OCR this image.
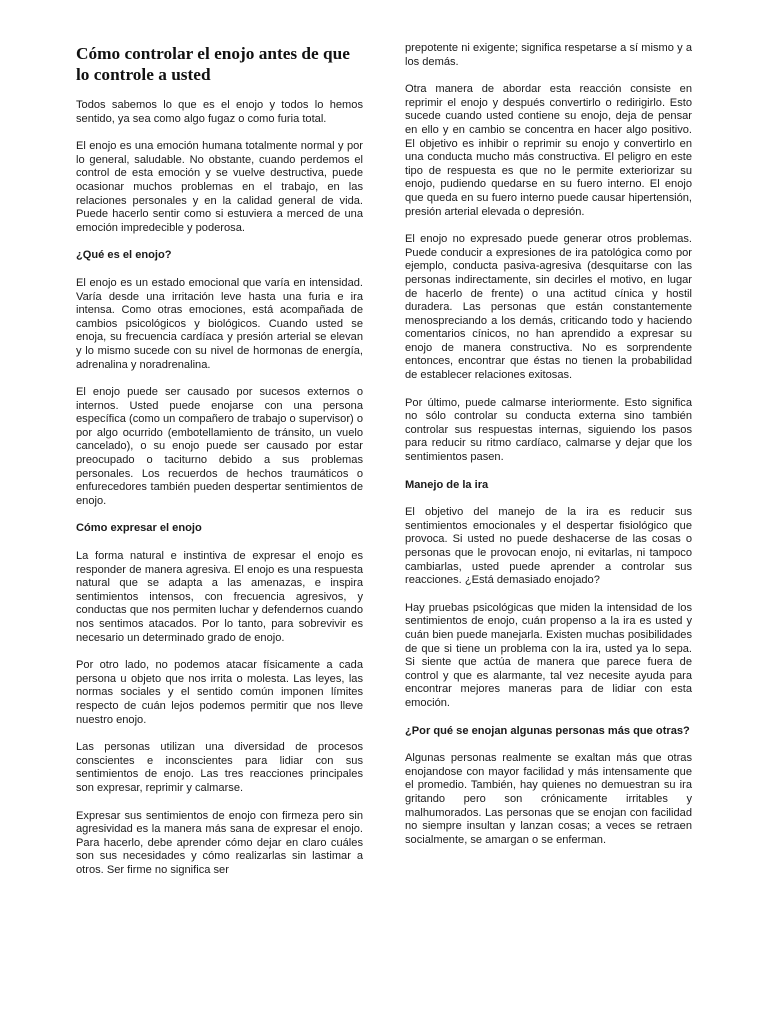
Cómo controlar el enojo antes de que lo controle a usted

Todos sabemos lo que es el enojo y todos lo hemos sentido, ya sea como algo fugaz o como furia total.

El enojo es una emoción humana totalmente normal y por lo general, saludable. No obstante, cuando perdemos el control de esta emoción y se vuelve destructiva, puede ocasionar muchos problemas en el trabajo, en las relaciones personales y en la calidad general de vida. Puede hacerlo sentir como si estuviera a merced de una emoción impredecible y poderosa.

¿Qué es el enojo?

El enojo es un estado emocional que varía en intensidad. Varía desde una irritación leve hasta una furia e ira intensa. Como otras emociones, está acompañada de cambios psicológicos y biológicos. Cuando usted se enoja, su frecuencia cardíaca y presión arterial se elevan y lo mismo sucede con su nivel de hormonas de energía, adrenalina y noradrenalina.

El enojo puede ser causado por sucesos externos o internos. Usted puede enojarse con una persona específica (como un compañero de trabajo o supervisor) o por algo ocurrido (embotellamiento de tránsito, un vuelo cancelado), o su enojo puede ser causado por estar preocupado o taciturno debido a sus problemas personales. Los recuerdos de hechos traumáticos o enfurecedores también pueden despertar sentimientos de enojo.

Cómo expresar el enojo

La forma natural e instintiva de expresar el enojo es responder de manera agresiva. El enojo es una respuesta natural que se adapta a las amenazas, e inspira sentimientos intensos, con frecuencia agresivos, y conductas que nos permiten luchar y defendernos cuando nos sentimos atacados. Por lo tanto, para sobrevivir es necesario un determinado grado de enojo.

Por otro lado, no podemos atacar físicamente a cada persona u objeto que nos irrita o molesta. Las leyes, las normas sociales y el sentido común imponen límites respecto de cuán lejos podemos permitir que nos lleve nuestro enojo.

Las personas utilizan una diversidad de procesos conscientes e inconscientes para lidiar con sus sentimientos de enojo. Las tres reacciones principales son expresar, reprimir y calmarse.

Expresar sus sentimientos de enojo con firmeza pero sin agresividad es la manera más sana de expresar el enojo. Para hacerlo, debe aprender cómo dejar en claro cuáles son sus necesidades y cómo realizarlas sin lastimar a otros. Ser firme no significa ser

prepotente ni exigente; significa respetarse a sí mismo y a los demás.

Otra manera de abordar esta reacción consiste en reprimir el enojo y después convertirlo o redirigirlo. Esto sucede cuando usted contiene su enojo, deja de pensar en ello y en cambio se concentra en hacer algo positivo. El objetivo es inhibir o reprimir su enojo y convertirlo en una conducta mucho más constructiva. El peligro en este tipo de respuesta es que no le permite exteriorizar su enojo, pudiendo quedarse en su fuero interno. El enojo que queda en su fuero interno puede causar hipertensión, presión arterial elevada o depresión.

El enojo no expresado puede generar otros problemas. Puede conducir a expresiones de ira patológica como por ejemplo, conducta pasiva-agresiva (desquitarse con las personas indirectamente, sin decirles el motivo, en lugar de hacerlo de frente) o una actitud cínica y hostil duradera. Las personas que están constantemente menospreciando a los demás, criticando todo y haciendo comentarios cínicos, no han aprendido a expresar su enojo de manera constructiva. No es sorprendente entonces, encontrar que éstas no tienen la probabilidad de establecer relaciones exitosas.

Por último, puede calmarse interiormente. Esto significa no sólo controlar su conducta externa sino también controlar sus respuestas internas, siguiendo los pasos para reducir su ritmo cardíaco, calmarse y dejar que los sentimientos pasen.

Manejo de la ira

El objetivo del manejo de la ira es reducir sus sentimientos emocionales y el despertar fisiológico que provoca. Si usted no puede deshacerse de las cosas o personas que le provocan enojo, ni evitarlas, ni tampoco cambiarlas, usted puede aprender a controlar sus reacciones. ¿Está demasiado enojado?

Hay pruebas psicológicas que miden la intensidad de los sentimientos de enojo, cuán propenso a la ira es usted y cuán bien puede manejarla. Existen muchas posibilidades de que si tiene un problema con la ira, usted ya lo sepa. Si siente que actúa de manera que parece fuera de control y que es alarmante, tal vez necesite ayuda para encontrar mejores maneras para de lidiar con esta emoción.

¿Por qué se enojan algunas personas más que otras?

Algunas personas realmente se exaltan más que otras enojandose con mayor facilidad y más intensamente que el promedio. También, hay quienes no demuestran su ira gritando pero son crónicamente irritables y malhumorados. Las personas que se enojan con facilidad no siempre insultan y lanzan cosas; a veces se retraen socialmente, se amargan o se enferman.
